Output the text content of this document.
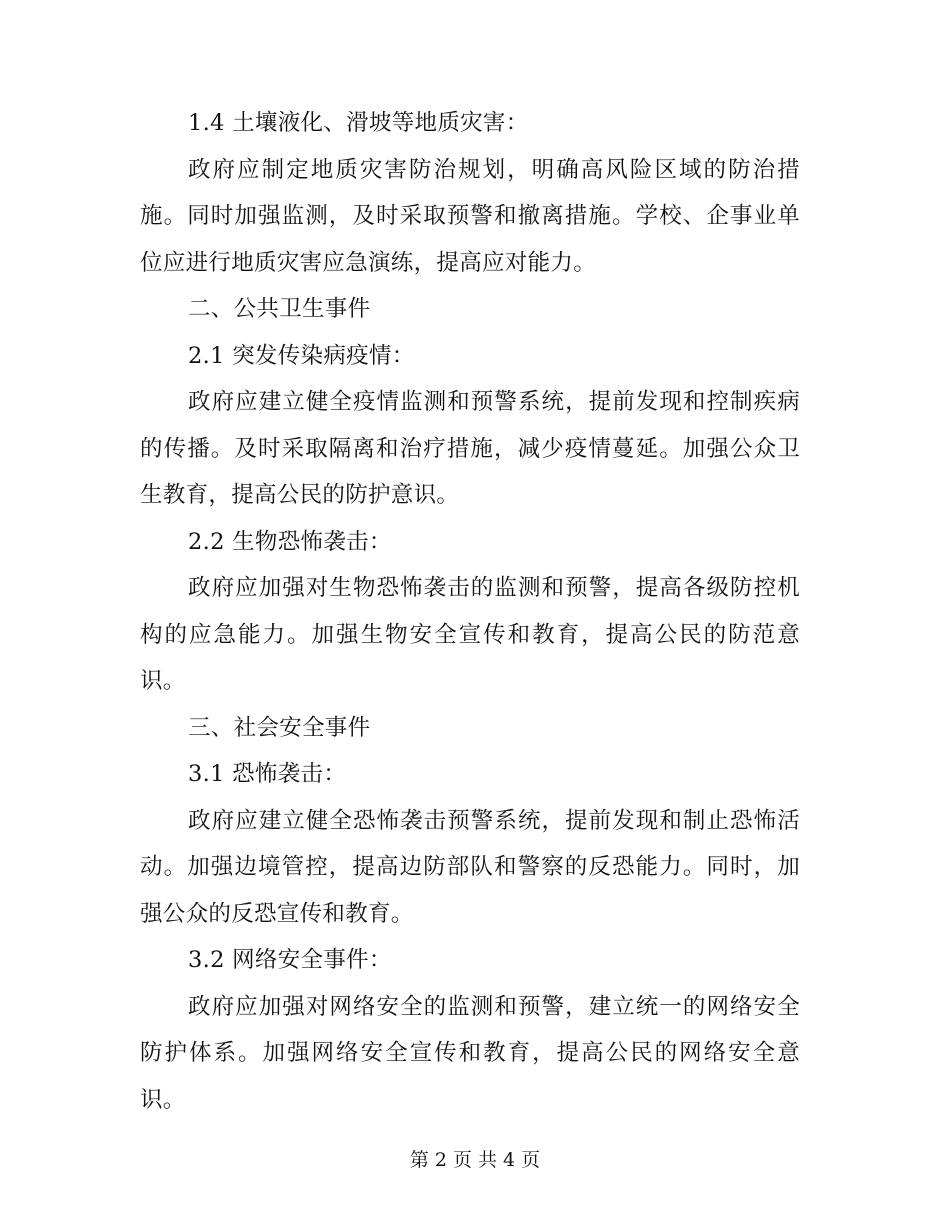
1.4 土壤液化、滑坡等地质灾害：

政府应制定地质灾害防治规划，明确高风险区域的防治措施。同时加强监测，及时采取预警和撤离措施。学校、企事业单位应进行地质灾害应急演练，提高应对能力。

二、公共卫生事件

2.1 突发传染病疫情：

政府应建立健全疫情监测和预警系统，提前发现和控制疾病的传播。及时采取隔离和治疗措施，减少疫情蔓延。加强公众卫生教育，提高公民的防护意识。

2.2 生物恐怖袭击：

政府应加强对生物恐怖袭击的监测和预警，提高各级防控机构的应急能力。加强生物安全宣传和教育，提高公民的防范意识。

三、社会安全事件

3.1 恐怖袭击：

政府应建立健全恐怖袭击预警系统，提前发现和制止恐怖活动。加强边境管控，提高边防部队和警察的反恐能力。同时，加强公众的反恐宣传和教育。

3.2 网络安全事件：

政府应加强对网络安全的监测和预警，建立统一的网络安全防护体系。加强网络安全宣传和教育，提高公民的网络安全意识。

第 2 页 共 4 页
